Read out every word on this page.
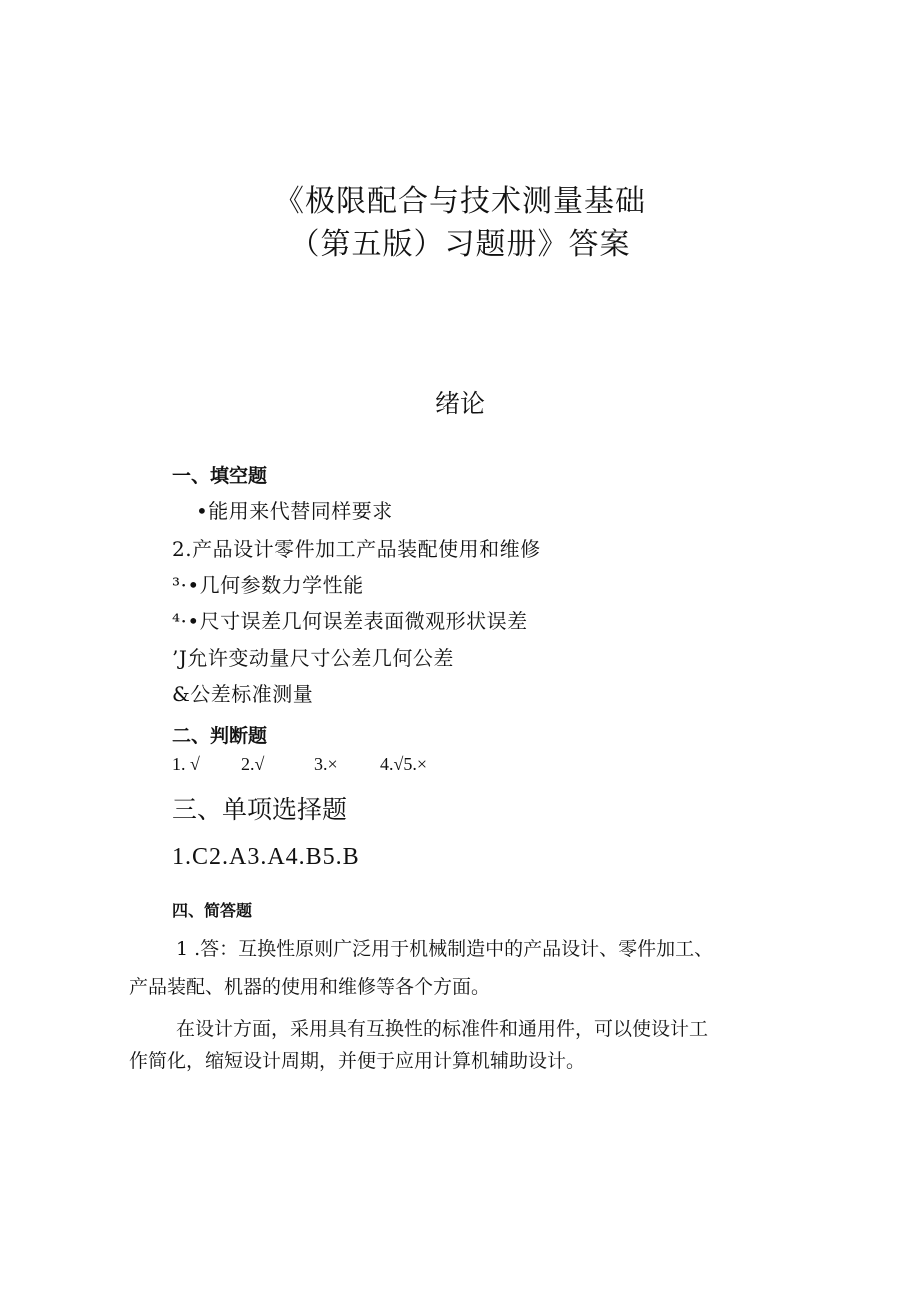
《极限配合与技术测量基础
（第五版）习题册》答案
绪论
一、填空题
•能用来代替同样要求
2.产品设计零件加工产品装配使用和维修
³·•几何参数力学性能
⁴·•尺寸误差几何误差表面微观形状误差
’J允许变动量尺寸公差几何公差
&公差标准测量
二、判断题
1. √ 2.√	3.× 4.√5.×
三、单项选择题
1.C2.A3.A4.B5.B
四、简答题
1 .答：互换性原则广泛用于机械制造中的产品设计、零件加工、
产品装配、机器的使用和维修等各个方面。
在设计方面，采用具有互换性的标准件和通用件，可以使设计工
作简化，缩短设计周期，并便于应用计算机辅助设计。
